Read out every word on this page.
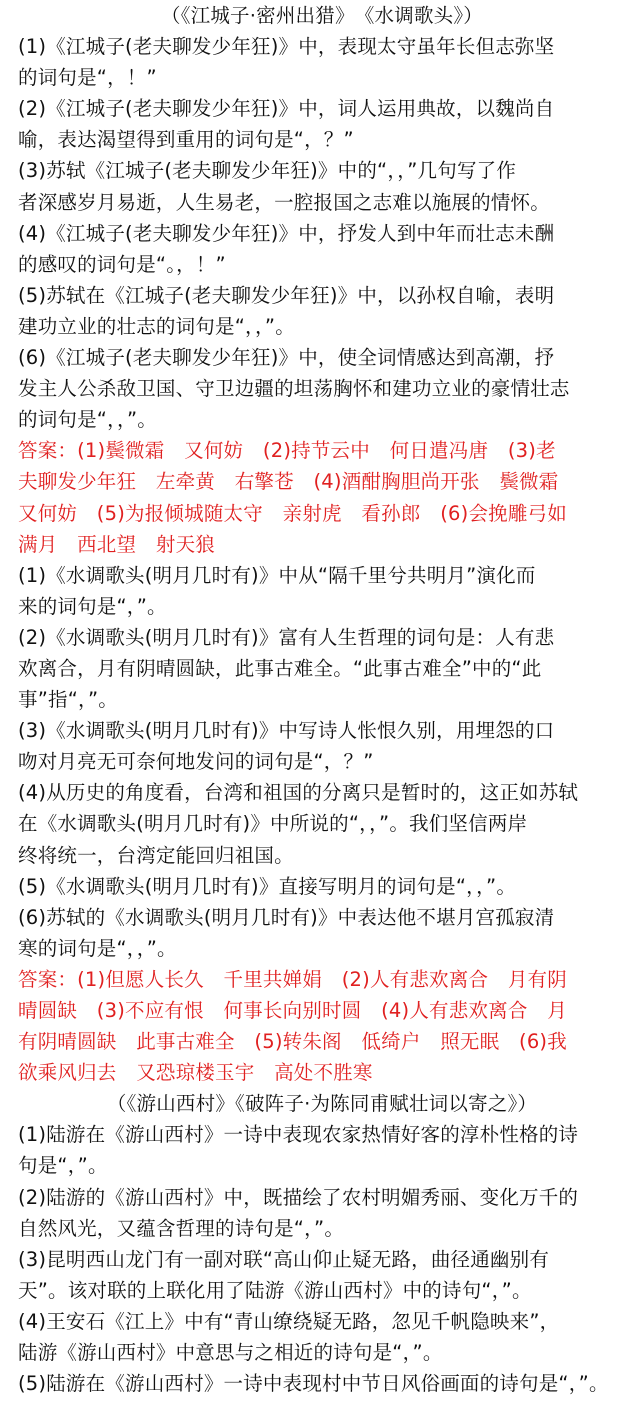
（《江城子·密州出猎》　《水调歌头》）
(1)《江城子(老夫聊发少年狂)》中，表现太守虽年长但志弥坚
的词句是“，！”
(2)《江城子(老夫聊发少年狂)》中，词人运用典故，以魏尚自
喻，表达渴望得到重用的词句是“，？”
(3)苏轼《江城子(老夫聊发少年狂)》中的“，，”几句写了作
者深感岁月易逝，人生易老，一腔报国之志难以施展的情怀。
(4)《江城子(老夫聊发少年狂)》中，抒发人到中年而壮志未酬
的感叹的词句是“。，！”
(5)苏轼在《江城子(老夫聊发少年狂)》中，以孙权自喻，表明
建功立业的壮志的词句是“，，”。
(6)《江城子(老夫聊发少年狂)》中，使全词情感达到高潮，抒
发主人公杀敌卫国、守卫边疆的坦荡胸怀和建功立业的豪情壮志
的词句是“，，”。
答案：(1)鬓微霜　又何妨　(2)持节云中　何日遣冯唐　(3)老
夫聊发少年狂　左牵黄　右擎苍　(4)酒酣胸胆尚开张　鬓微霜
又何妨　(5)为报倾城随太守　亲射虎　看孙郎　(6)会挽雕弓如
满月　西北望　射天狼
(1)《水调歌头(明月几时有)》中从“隔千里兮共明月”演化而
来的词句是“，”。
(2)《水调歌头(明月几时有)》富有人生哲理的词句是：人有悲
欢离合，月有阴晴圆缺，此事古难全。“此事古难全”中的“此
事”指“，”。
(3)《水调歌头(明月几时有)》中写诗人怅恨久别，用埋怨的口
吻对月亮无可奈何地发问的词句是“，？”
(4)从历史的角度看，台湾和祖国的分离只是暂时的，这正如苏轼
在《水调歌头(明月几时有)》中所说的“，，”。我们坚信两岸
终将统一，台湾定能回归祖国。
(5)《水调歌头(明月几时有)》直接写明月的词句是“，，”。
(6)苏轼的《水调歌头(明月几时有)》中表达他不堪月宫孤寂清
寒的词句是“，，”。
答案：(1)但愿人长久　千里共婵娟　(2)人有悲欢离合　月有阴
晴圆缺　(3)不应有恨　何事长向别时圆　(4)人有悲欢离合　月
有阴晴圆缺　此事古难全　(5)转朱阁　低绮户　照无眠　(6)我
欲乘风归去　又恐琼楼玉宇　高处不胜寒
（《游山西村》《破阵子·为陈同甫赋壮词以寄之》）
(1)陆游在《游山西村》一诗中表现农家热情好客的淳朴性格的诗
句是“，”。
(2)陆游的《游山西村》中，既描绘了农村明媚秀丽、变化万千的
自然风光，又蕴含哲理的诗句是“，”。
(3)昆明西山龙门有一副对联“高山仰止疑无路，曲径通幽别有
天”。该对联的上联化用了陆游《游山西村》中的诗句“，”。
(4)王安石《江上》中有“青山缭绕疑无路，忽见千帆隐映来”，
陆游《游山西村》中意思与之相近的诗句是“，”。
(5)陆游在《游山西村》一诗中表现村中节日风俗画面的诗句是“，”。
